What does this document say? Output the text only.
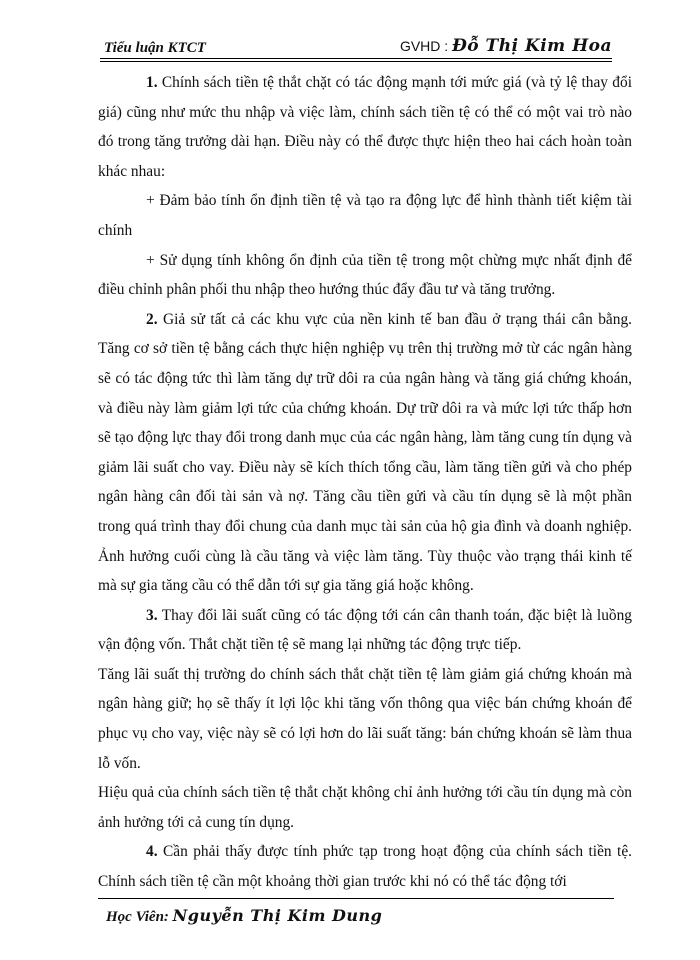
Tiểu luận KTCT	GVHD : Đỗ Thị Kim Hoa

1. Chính sách tiền tệ thắt chặt có tác động mạnh tới mức giá (và tỷ lệ thay đổi giá) cũng như mức thu nhập và việc làm, chính sách tiền tệ có thể có một vai trò nào đó trong tăng trưởng dài hạn. Điều này có thể được thực hiện theo hai cách hoàn toàn khác nhau:

+ Đảm bảo tính ổn định tiền tệ và tạo ra động lực để hình thành tiết kiệm tài chính

+ Sử dụng tính không ổn định của tiền tệ trong một chừng mực nhất định để điều chỉnh phân phối thu nhập theo hướng thúc đẩy đầu tư và tăng trưởng.

2. Giả sử tất cả các khu vực của nền kinh tế ban đầu ở trạng thái cân bằng. Tăng cơ sở tiền tệ bằng cách thực hiện nghiệp vụ trên thị trường mở từ các ngân hàng sẽ có tác động tức thì làm tăng dự trữ dôi ra của ngân hàng và tăng giá chứng khoán, và điều này làm giảm lợi tức của chứng khoán. Dự trữ dôi ra và mức lợi tức thấp hơn sẽ tạo động lực thay đổi trong danh mục của các ngân hàng, làm tăng cung tín dụng và giảm lãi suất cho vay. Điều này sẽ kích thích tổng cầu, làm tăng tiền gửi và cho phép ngân hàng cân đối tài sản và nợ. Tăng cầu tiền gửi và cầu tín dụng sẽ là một phần trong quá trình thay đổi chung của danh mục tài sản của hộ gia đình và doanh nghiệp. Ảnh hưởng cuối cùng là cầu tăng và việc làm tăng. Tùy thuộc vào trạng thái kinh tế mà sự gia tăng cầu có thể dẫn tới sự gia tăng giá hoặc không.

3. Thay đổi lãi suất cũng có tác động tới cán cân thanh toán, đặc biệt là luồng vận động vốn. Thắt chặt tiền tệ sẽ mang lại những tác động trực tiếp.

Tăng lãi suất thị trường do chính sách thắt chặt tiền tệ làm giảm giá chứng khoán mà ngân hàng giữ; họ sẽ thấy ít lợi lộc khi tăng vốn thông qua việc bán chứng khoán để phục vụ cho vay, việc này sẽ có lợi hơn do lãi suất tăng: bán chứng khoán sẽ làm thua lỗ vốn.

Hiệu quả của chính sách tiền tệ thắt chặt không chỉ ảnh hưởng tới cầu tín dụng mà còn ảnh hưởng tới cả cung tín dụng.

4. Cần phải thấy được tính phức tạp trong hoạt động của chính sách tiền tệ. Chính sách tiền tệ cần một khoảng thời gian trước khi nó có thể tác động tới

Học Viên: Nguyễn Thị Kim Dung
